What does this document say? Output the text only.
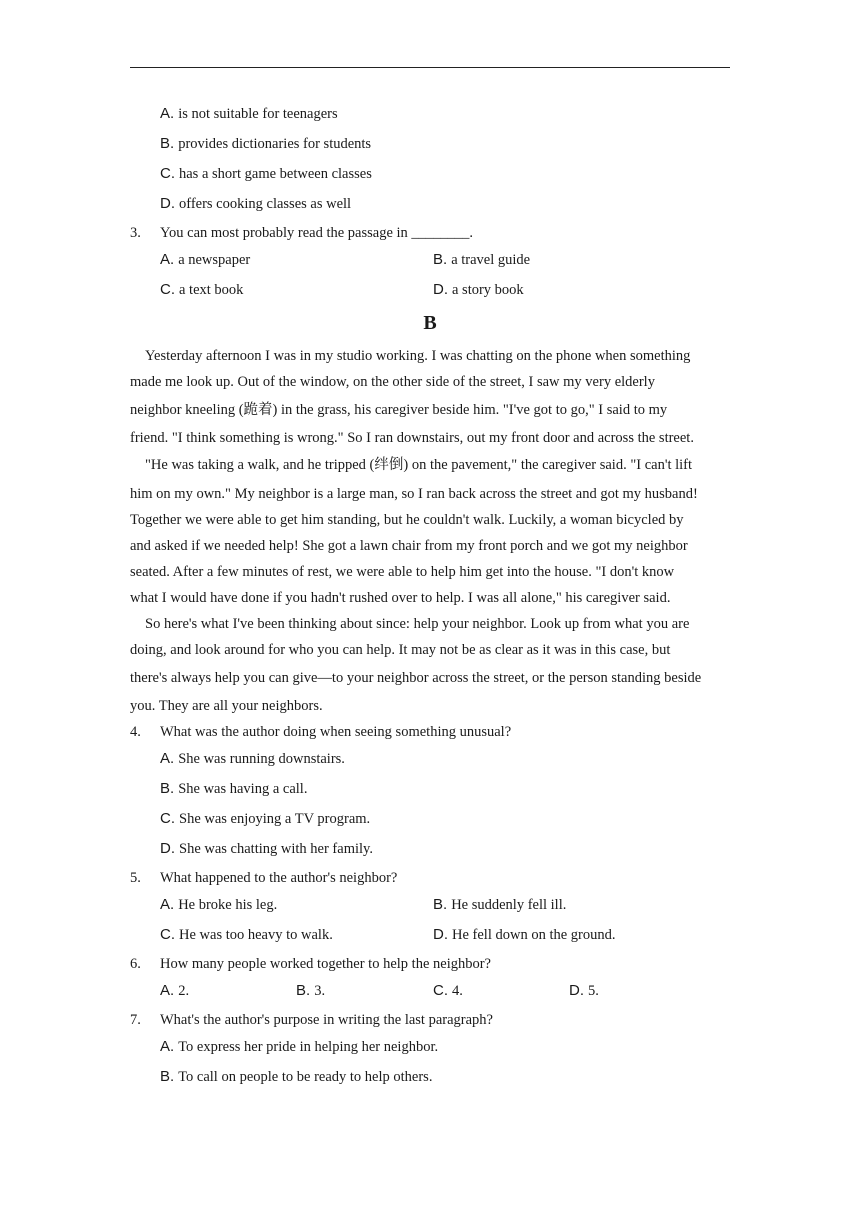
A. is not suitable for teenagers
B. provides dictionaries for students
C. has a short game between classes
D. offers cooking classes as well
3. You can most probably read the passage in ________.
A. a newspaper	B. a travel guide
C. a text book	D. a story book
B

Yesterday afternoon I was in my studio working. I was chatting on the phone when something

made me look up. Out of the window, on the other side of the street, I saw my very elderly

neighbor kneeling (跪着) in the grass, his caregiver beside him. "I've got to go," I said to my

friend. "I think something is wrong." So I ran downstairs, out my front door and across the street.

"He was taking a walk, and he tripped (绊倒) on the pavement," the caregiver said. "I can't lift

him on my own." My neighbor is a large man, so I ran back across the street and got my husband!

Together we were able to get him standing, but he couldn't walk. Luckily, a woman bicycled by

and asked if we needed help! She got a lawn chair from my front porch and we got my neighbor

seated. After a few minutes of rest, we were able to help him get into the house. "I don't know

what I would have done if you hadn't rushed over to help. I was all alone," his caregiver said.

So here's what I've been thinking about since: help your neighbor. Look up from what you are

doing, and look around for who you can help. It may not be as clear as it was in this case, but

there's always help you can give—to your neighbor across the street, or the person standing beside

you. They are all your neighbors.

4. What was the author doing when seeing something unusual?
A. She was running downstairs.
B. She was having a call.
C. She was enjoying a TV program.
D. She was chatting with her family.
5. What happened to the author's neighbor?
A. He broke his leg.	B. He suddenly fell ill.
C. He was too heavy to walk.	D. He fell down on the ground.
6. How many people worked together to help the neighbor?
A. 2.	B. 3.	C. 4.	D. 5.
7. What's the author's purpose in writing the last paragraph?
A. To express her pride in helping her neighbor.
B. To call on people to be ready to help others.
